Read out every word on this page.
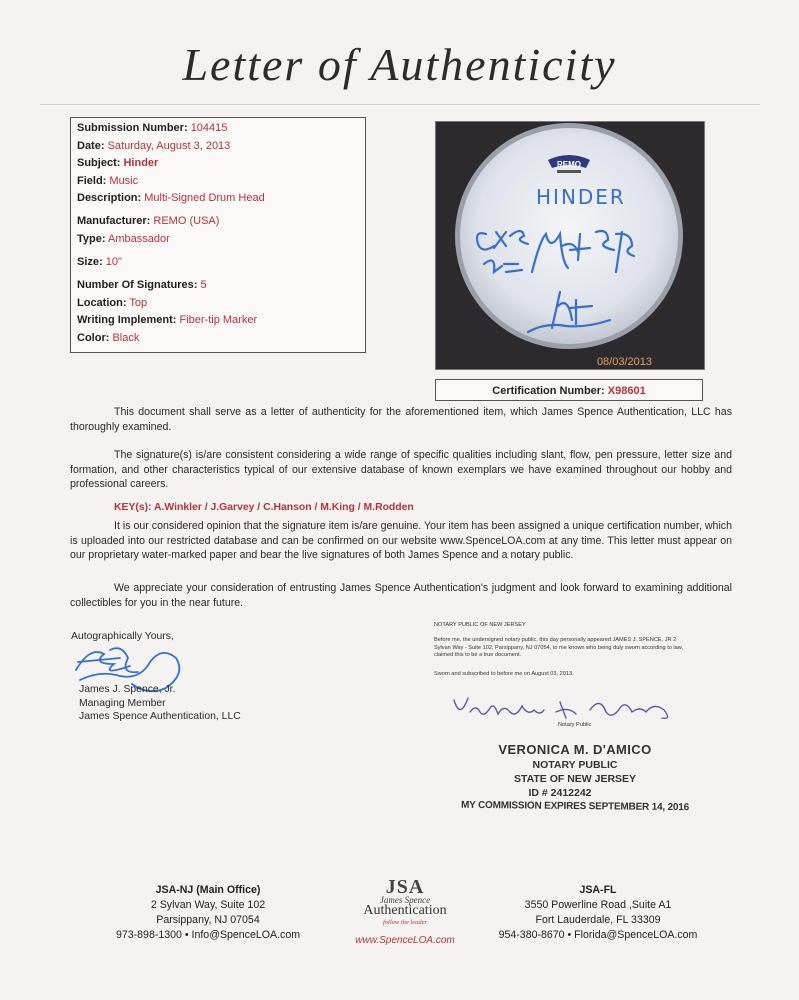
Letter of Authenticity
Submission Number: 104415
Date: Saturday, August 3, 2013
Subject: Hinder
Field: Music
Description: Multi-Signed Drum Head
Manufacturer: REMO (USA)
Type: Ambassador
Size: 10"
Number Of Signatures: 5
Location: Top
Writing Implement: Fiber-tip Marker
Color: Black
REMO
HINDER
08/03/2013
Certification Number: X98601
This document shall serve as a letter of authenticity for the aforementioned item, which James Spence Authentication, LLC has thoroughly examined.
The signature(s) is/are consistent considering a wide range of specific qualities including slant, flow, pen pressure, letter size and formation, and other characteristics typical of our extensive database of known exemplars we have examined throughout our hobby and professional careers.
KEY(s): A.Winkler / J.Garvey / C.Hanson / M.King / M.Rodden
It is our considered opinion that the signature item is/are genuine. Your item has been assigned a unique certification number, which is uploaded into our restricted database and can be confirmed on our website www.SpenceLOA.com at any time. This letter must appear on our proprietary water-marked paper and bear the live signatures of both James Spence and a notary public.
We appreciate your consideration of entrusting James Spence Authentication's judgment and look forward to examining additional collectibles for you in the near future.
Autographically Yours,
James J. Spence, Jr.
Managing Member
James Spence Authentication, LLC
NOTARY PUBLIC OF NEW JERSEY
Before me, the undersigned notary public, this day personally appeared JAMES J. SPENCE, JR 2 Sylvan Way - Suite 102, Parsippany, NJ 07054, to me known who being duly sworn according to law, claimed this to be a true document.
Sworn and subscribed to before me on August 03, 2013.
Notary Public
VERONICA M. D'AMICO
NOTARY PUBLIC
STATE OF NEW JERSEY
ID # 2412242
MY COMMISSION EXPIRES SEPTEMBER 14, 2016
JSA-NJ (Main Office)
2 Sylvan Way, Suite 102
Parsippany, NJ 07054
973-898-1300 • Info@SpenceLOA.com
JSA
James Spence
Authentication
follow the leader
www.SpenceLOA.com
JSA-FL
3550 Powerline Road ,Suite A1
Fort Lauderdale, FL 33309
954-380-8670 • Florida@SpenceLOA.com
